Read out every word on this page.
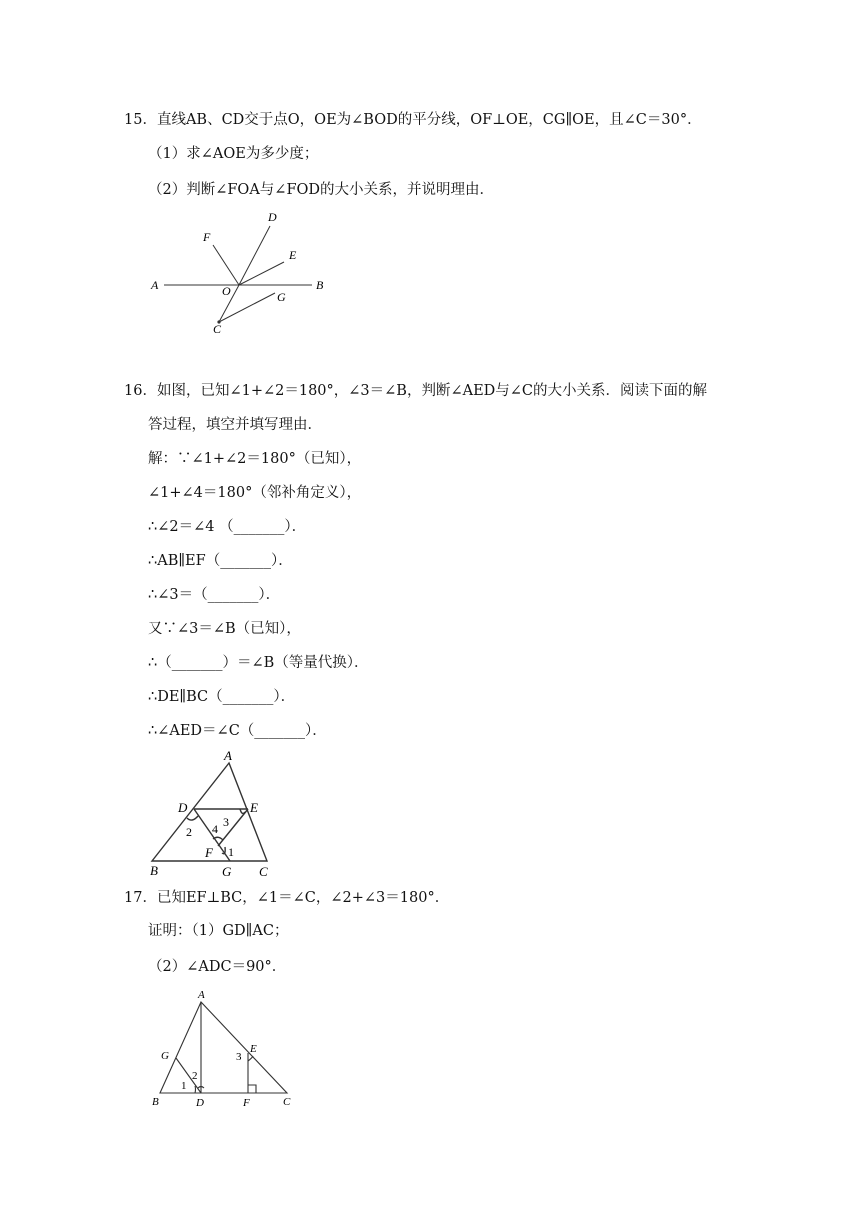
15．直线AB、CD交于点O，OE为∠BOD的平分线，OF⊥OE，CG∥OE，且∠C＝30°．
（1）求∠AOE为多少度；
（2）判断∠FOA与∠FOD的大小关系，并说明理由．
A	B
C
D
E
F
G
O
16．如图，已知∠1+∠2＝180°，∠3＝∠B，判断∠AED与∠C的大小关系．阅读下面的解
答过程，填空并填写理由．
解：∵∠1+∠2＝180°（已知），
∠1+∠4＝180°（邻补角定义），
∴∠2＝∠4 （_______）．
∴AB∥EF（_______）．
∴∠3＝（_______）．
又∵∠3＝∠B（已知），
∴（_______）＝∠B（等量代换）．
∴DE∥BC（_______）．
∴∠AED＝∠C（_______）．
A
D	E
B	G C
F 1
2
3
4
17．已知EF⊥BC，∠1＝∠C，∠2+∠3＝180°．
证明：（1）GD∥AC；
（2）∠ADC＝90°．
A
G
E
B	D	F	C
1
2
3
